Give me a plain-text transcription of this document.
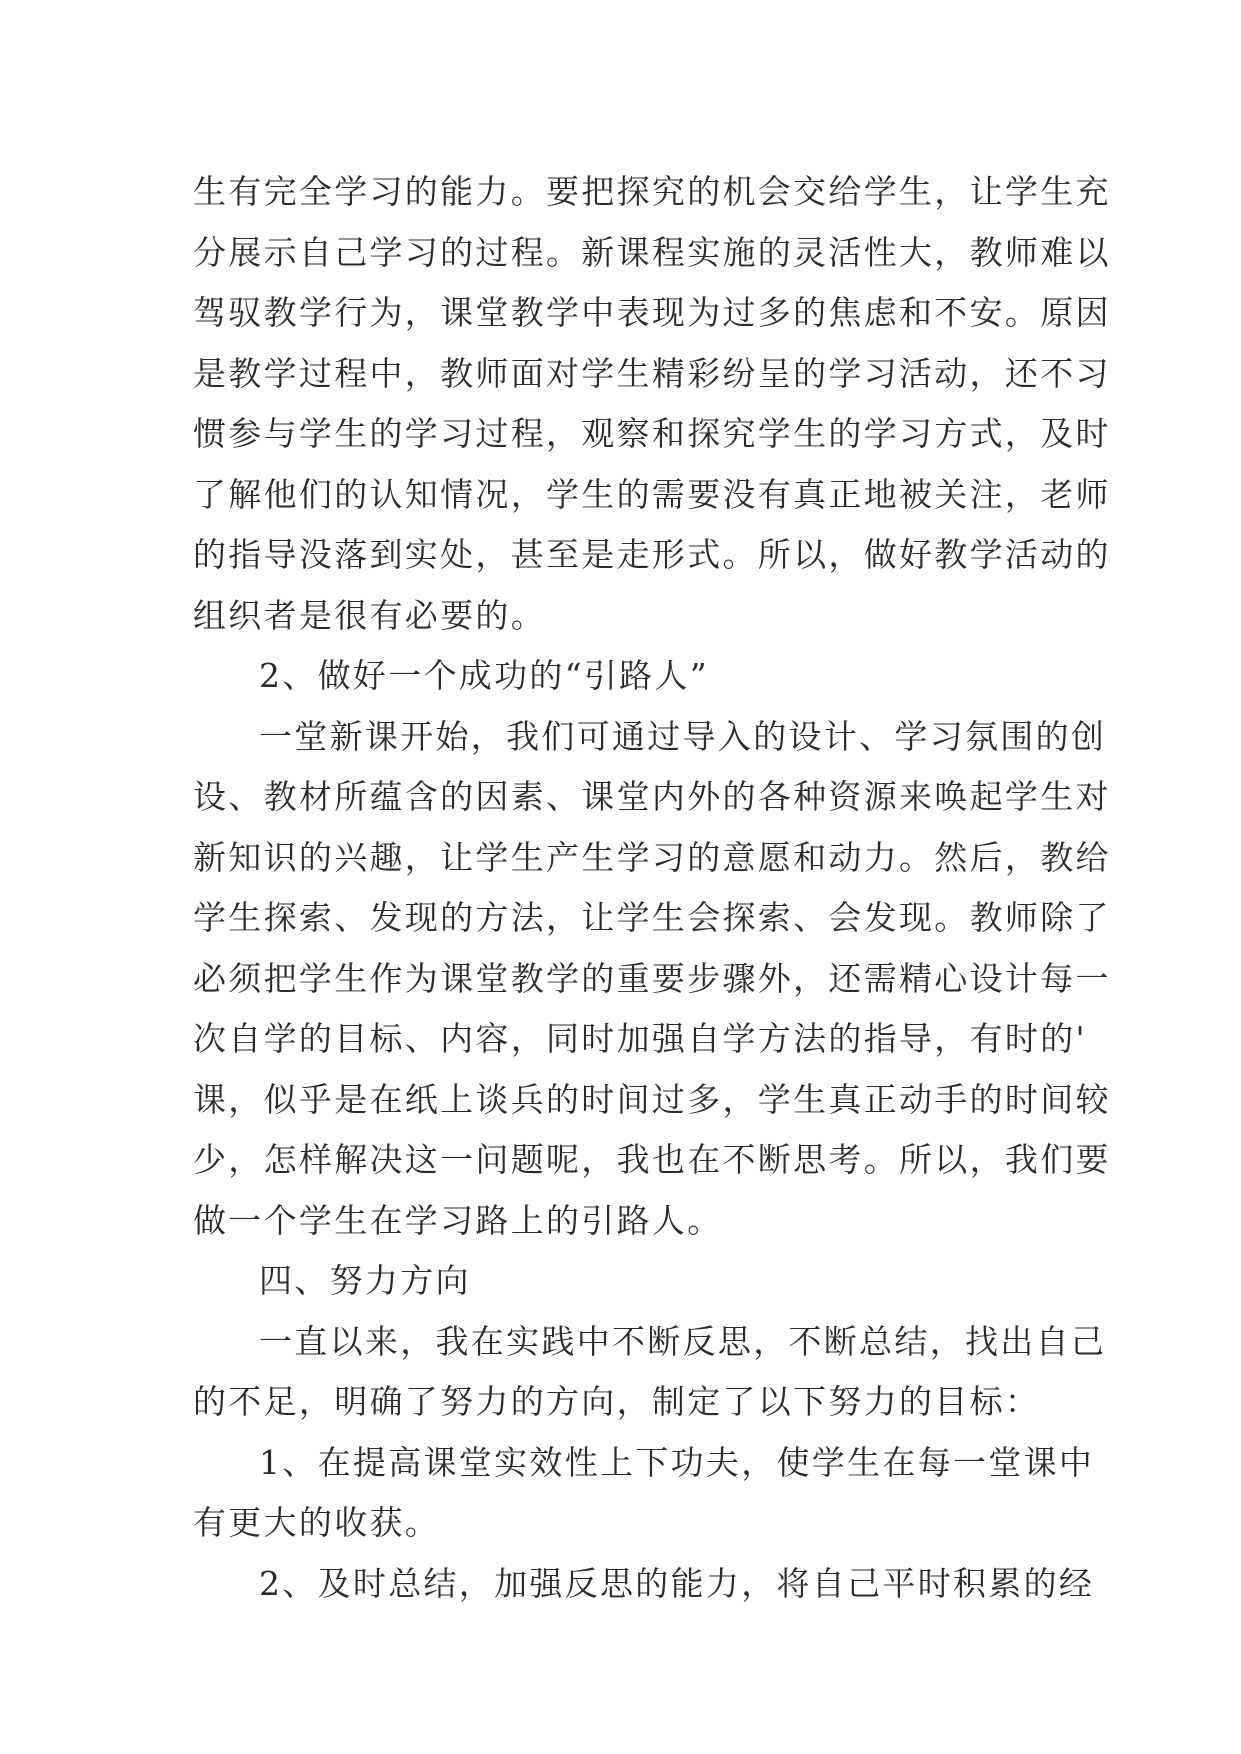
生有完全学习的能力。要把探究的机会交给学生，让学生充
分展示自己学习的过程。新课程实施的灵活性大，教师难以
驾驭教学行为，课堂教学中表现为过多的焦虑和不安。原因
是教学过程中，教师面对学生精彩纷呈的学习活动，还不习
惯参与学生的学习过程，观察和探究学生的学习方式，及时
了解他们的认知情况，学生的需要没有真正地被关注，老师
的指导没落到实处，甚至是走形式。所以，做好教学活动的
组织者是很有必要的。
2、做好一个成功的“引路人”
一堂新课开始，我们可通过导入的设计、学习氛围的创
设、教材所蕴含的因素、课堂内外的各种资源来唤起学生对
新知识的兴趣，让学生产生学习的意愿和动力。然后，教给
学生探索、发现的方法，让学生会探索、会发现。教师除了
必须把学生作为课堂教学的重要步骤外，还需精心设计每一
次自学的目标、内容，同时加强自学方法的指导，有时的'
课，似乎是在纸上谈兵的时间过多，学生真正动手的时间较
少，怎样解决这一问题呢，我也在不断思考。所以，我们要
做一个学生在学习路上的引路人。
四、努力方向
一直以来，我在实践中不断反思，不断总结，找出自己
的不足，明确了努力的方向，制定了以下努力的目标：
1、在提高课堂实效性上下功夫，使学生在每一堂课中
有更大的收获。
2、及时总结，加强反思的能力，将自己平时积累的经
